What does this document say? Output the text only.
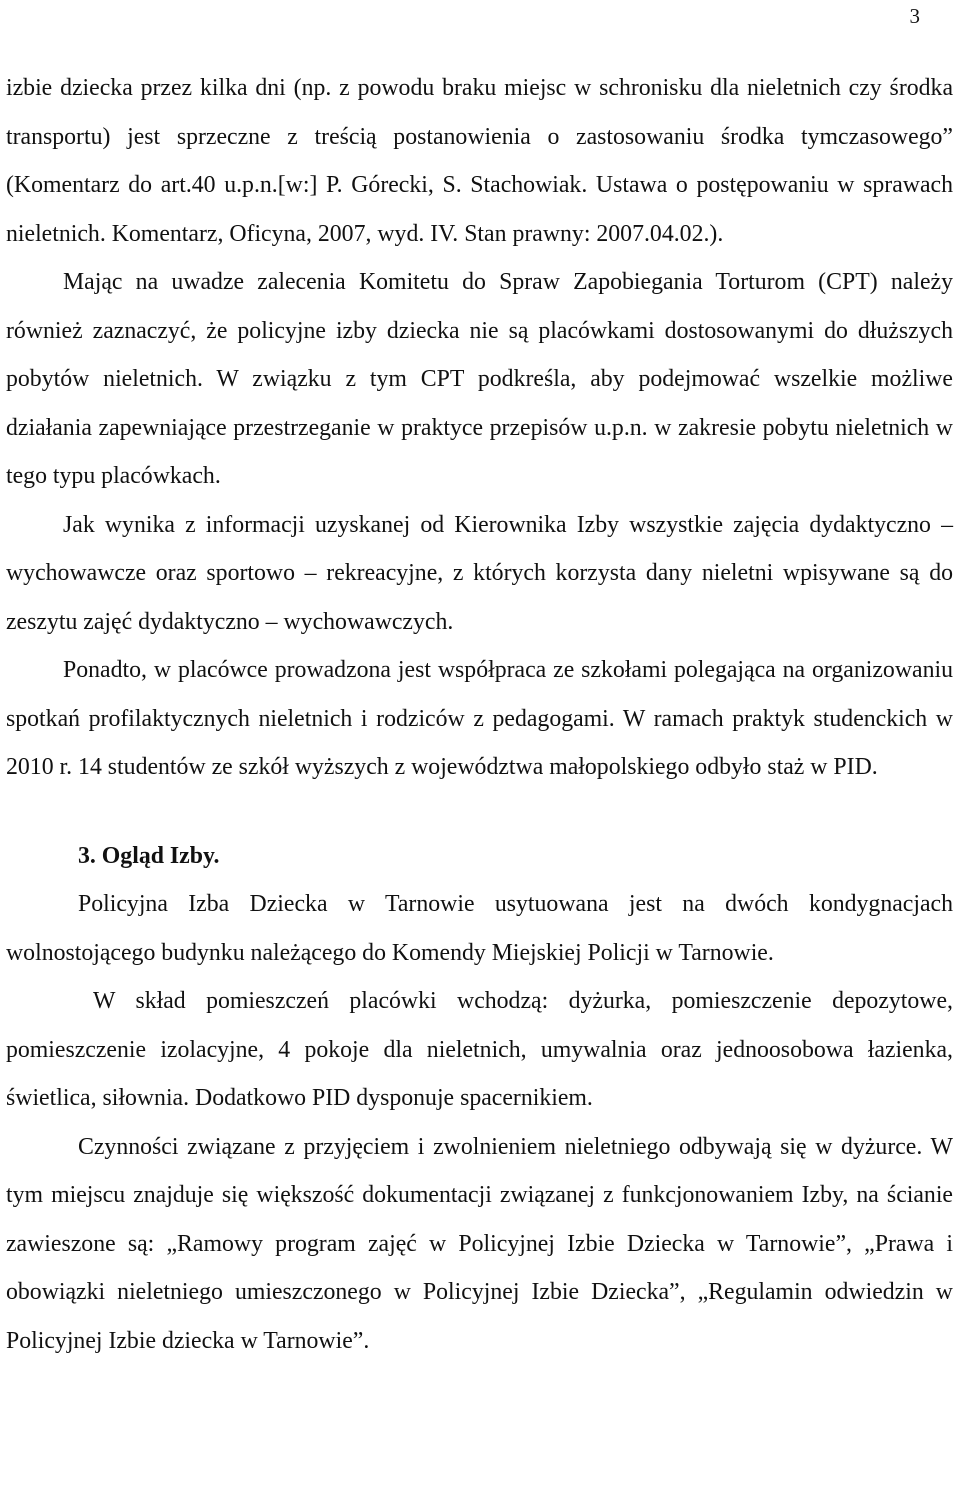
3

izbie dziecka przez kilka dni (np. z powodu braku miejsc w schronisku dla nieletnich czy środka transportu) jest sprzeczne z treścią postanowienia o zastosowaniu środka tymczasowego” (Komentarz do art.40 u.p.n.[w:] P. Górecki, S. Stachowiak. Ustawa o postępowaniu w sprawach nieletnich. Komentarz, Oficyna, 2007, wyd. IV. Stan prawny: 2007.04.02.).

Mając na uwadze zalecenia Komitetu do Spraw Zapobiegania Torturom (CPT) należy również zaznaczyć, że policyjne izby dziecka nie są placówkami dostosowanymi do dłuższych pobytów nieletnich. W związku z tym CPT podkreśla, aby podejmować wszelkie możliwe działania zapewniające przestrzeganie w praktyce przepisów u.p.n. w zakresie pobytu nieletnich w tego typu placówkach.

Jak wynika z informacji uzyskanej od Kierownika Izby wszystkie zajęcia dydaktyczno – wychowawcze oraz sportowo – rekreacyjne, z których korzysta dany nieletni wpisywane są do zeszytu zajęć dydaktyczno – wychowawczych.

Ponadto, w placówce prowadzona jest współpraca ze szkołami polegająca na organizowaniu spotkań profilaktycznych nieletnich i rodziców z pedagogami. W ramach praktyk studenckich w 2010 r. 14 studentów ze szkół wyższych z województwa małopolskiego odbyło staż w PID.

3. Ogląd Izby.

Policyjna Izba Dziecka w Tarnowie usytuowana jest na dwóch kondygnacjach wolnostojącego budynku należącego do Komendy Miejskiej Policji w Tarnowie.

W skład pomieszczeń placówki wchodzą: dyżurka, pomieszczenie depozytowe, pomieszczenie izolacyjne, 4 pokoje dla nieletnich, umywalnia oraz jednoosobowa łazienka, świetlica, siłownia. Dodatkowo PID dysponuje spacernikiem.

Czynności związane z przyjęciem i zwolnieniem nieletniego odbywają się w dyżurce. W tym miejscu znajduje się większość dokumentacji związanej z funkcjonowaniem Izby, na ścianie zawieszone są: „Ramowy program zajęć w Policyjnej Izbie Dziecka w Tarnowie”, „Prawa i obowiązki nieletniego umieszczonego w Policyjnej Izbie Dziecka”, „Regulamin odwiedzin w Policyjnej Izbie dziecka w Tarnowie”.
